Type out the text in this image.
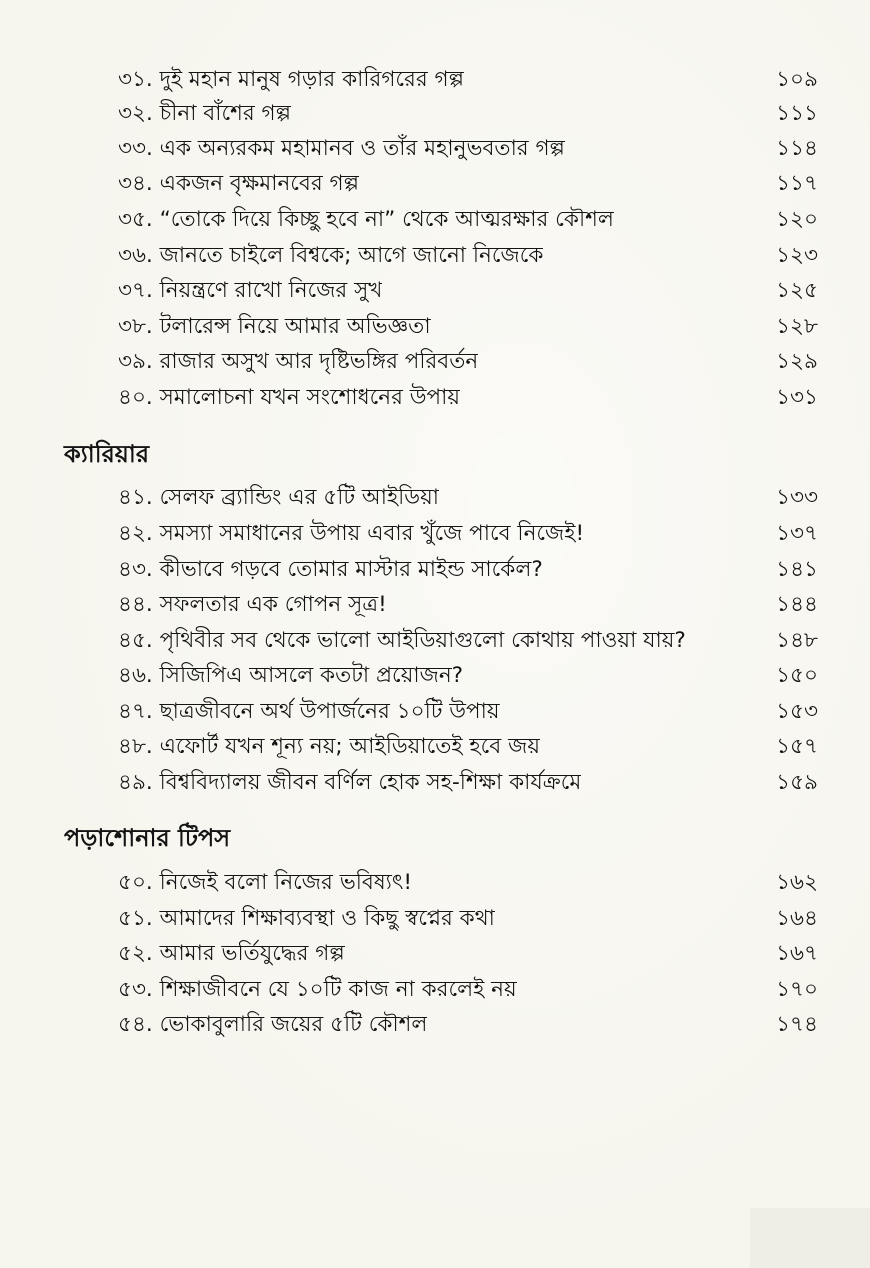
৩১. দুই মহান মানুষ গড়ার কারিগরের গল্প	১০৯
৩২. চীনা বাঁশের গল্প	১১১
৩৩. এক অন্যরকম মহামানব ও তাঁর মহানুভবতার গল্প	১১৪
৩৪. একজন বৃক্ষমানবের গল্প	১১৭
৩৫. “তোকে দিয়ে কিচ্ছু হবে না” থেকে আত্মরক্ষার কৌশল	১২০
৩৬. জানতে চাইলে বিশ্বকে; আগে জানো নিজেকে	১২৩
৩৭. নিয়ন্ত্রণে রাখো নিজের সুখ	১২৫
৩৮. টলারেন্স নিয়ে আমার অভিজ্ঞতা	১২৮
৩৯. রাজার অসুখ আর দৃষ্টিভঙ্গির পরিবর্তন	১২৯
৪০. সমালোচনা যখন সংশোধনের উপায়	১৩১
ক্যারিয়ার
৪১. সেলফ ব্র্যান্ডিং এর ৫টি আইডিয়া	১৩৩
৪২. সমস্যা সমাধানের উপায় এবার খুঁজে পাবে নিজেই!	১৩৭
৪৩. কীভাবে গড়বে তোমার মাস্টার মাইন্ড সার্কেল?	১৪১
৪৪. সফলতার এক গোপন সূত্র!	১৪৪
৪৫. পৃথিবীর সব থেকে ভালো আইডিয়াগুলো কোথায় পাওয়া যায়?	১৪৮
৪৬. সিজিপিএ আসলে কতটা প্রয়োজন?	১৫০
৪৭. ছাত্রজীবনে অর্থ উপার্জনের ১০টি উপায়	১৫৩
৪৮. এফোর্ট যখন শূন্য নয়; আইডিয়াতেই হবে জয়	১৫৭
৪৯. বিশ্ববিদ্যালয় জীবন বর্ণিল হোক সহ-শিক্ষা কার্যক্রমে	১৫৯
পড়াশোনার টিপস
৫০. নিজেই বলো নিজের ভবিষ্যৎ!	১৬২
৫১. আমাদের শিক্ষাব্যবস্থা ও কিছু স্বপ্নের কথা	১৬৪
৫২. আমার ভর্তিযুদ্ধের গল্প	১৬৭
৫৩. শিক্ষাজীবনে যে ১০টি কাজ না করলেই নয়	১৭০
৫৪. ভোকাবুলারি জয়ের ৫টি কৌশল	১৭৪
